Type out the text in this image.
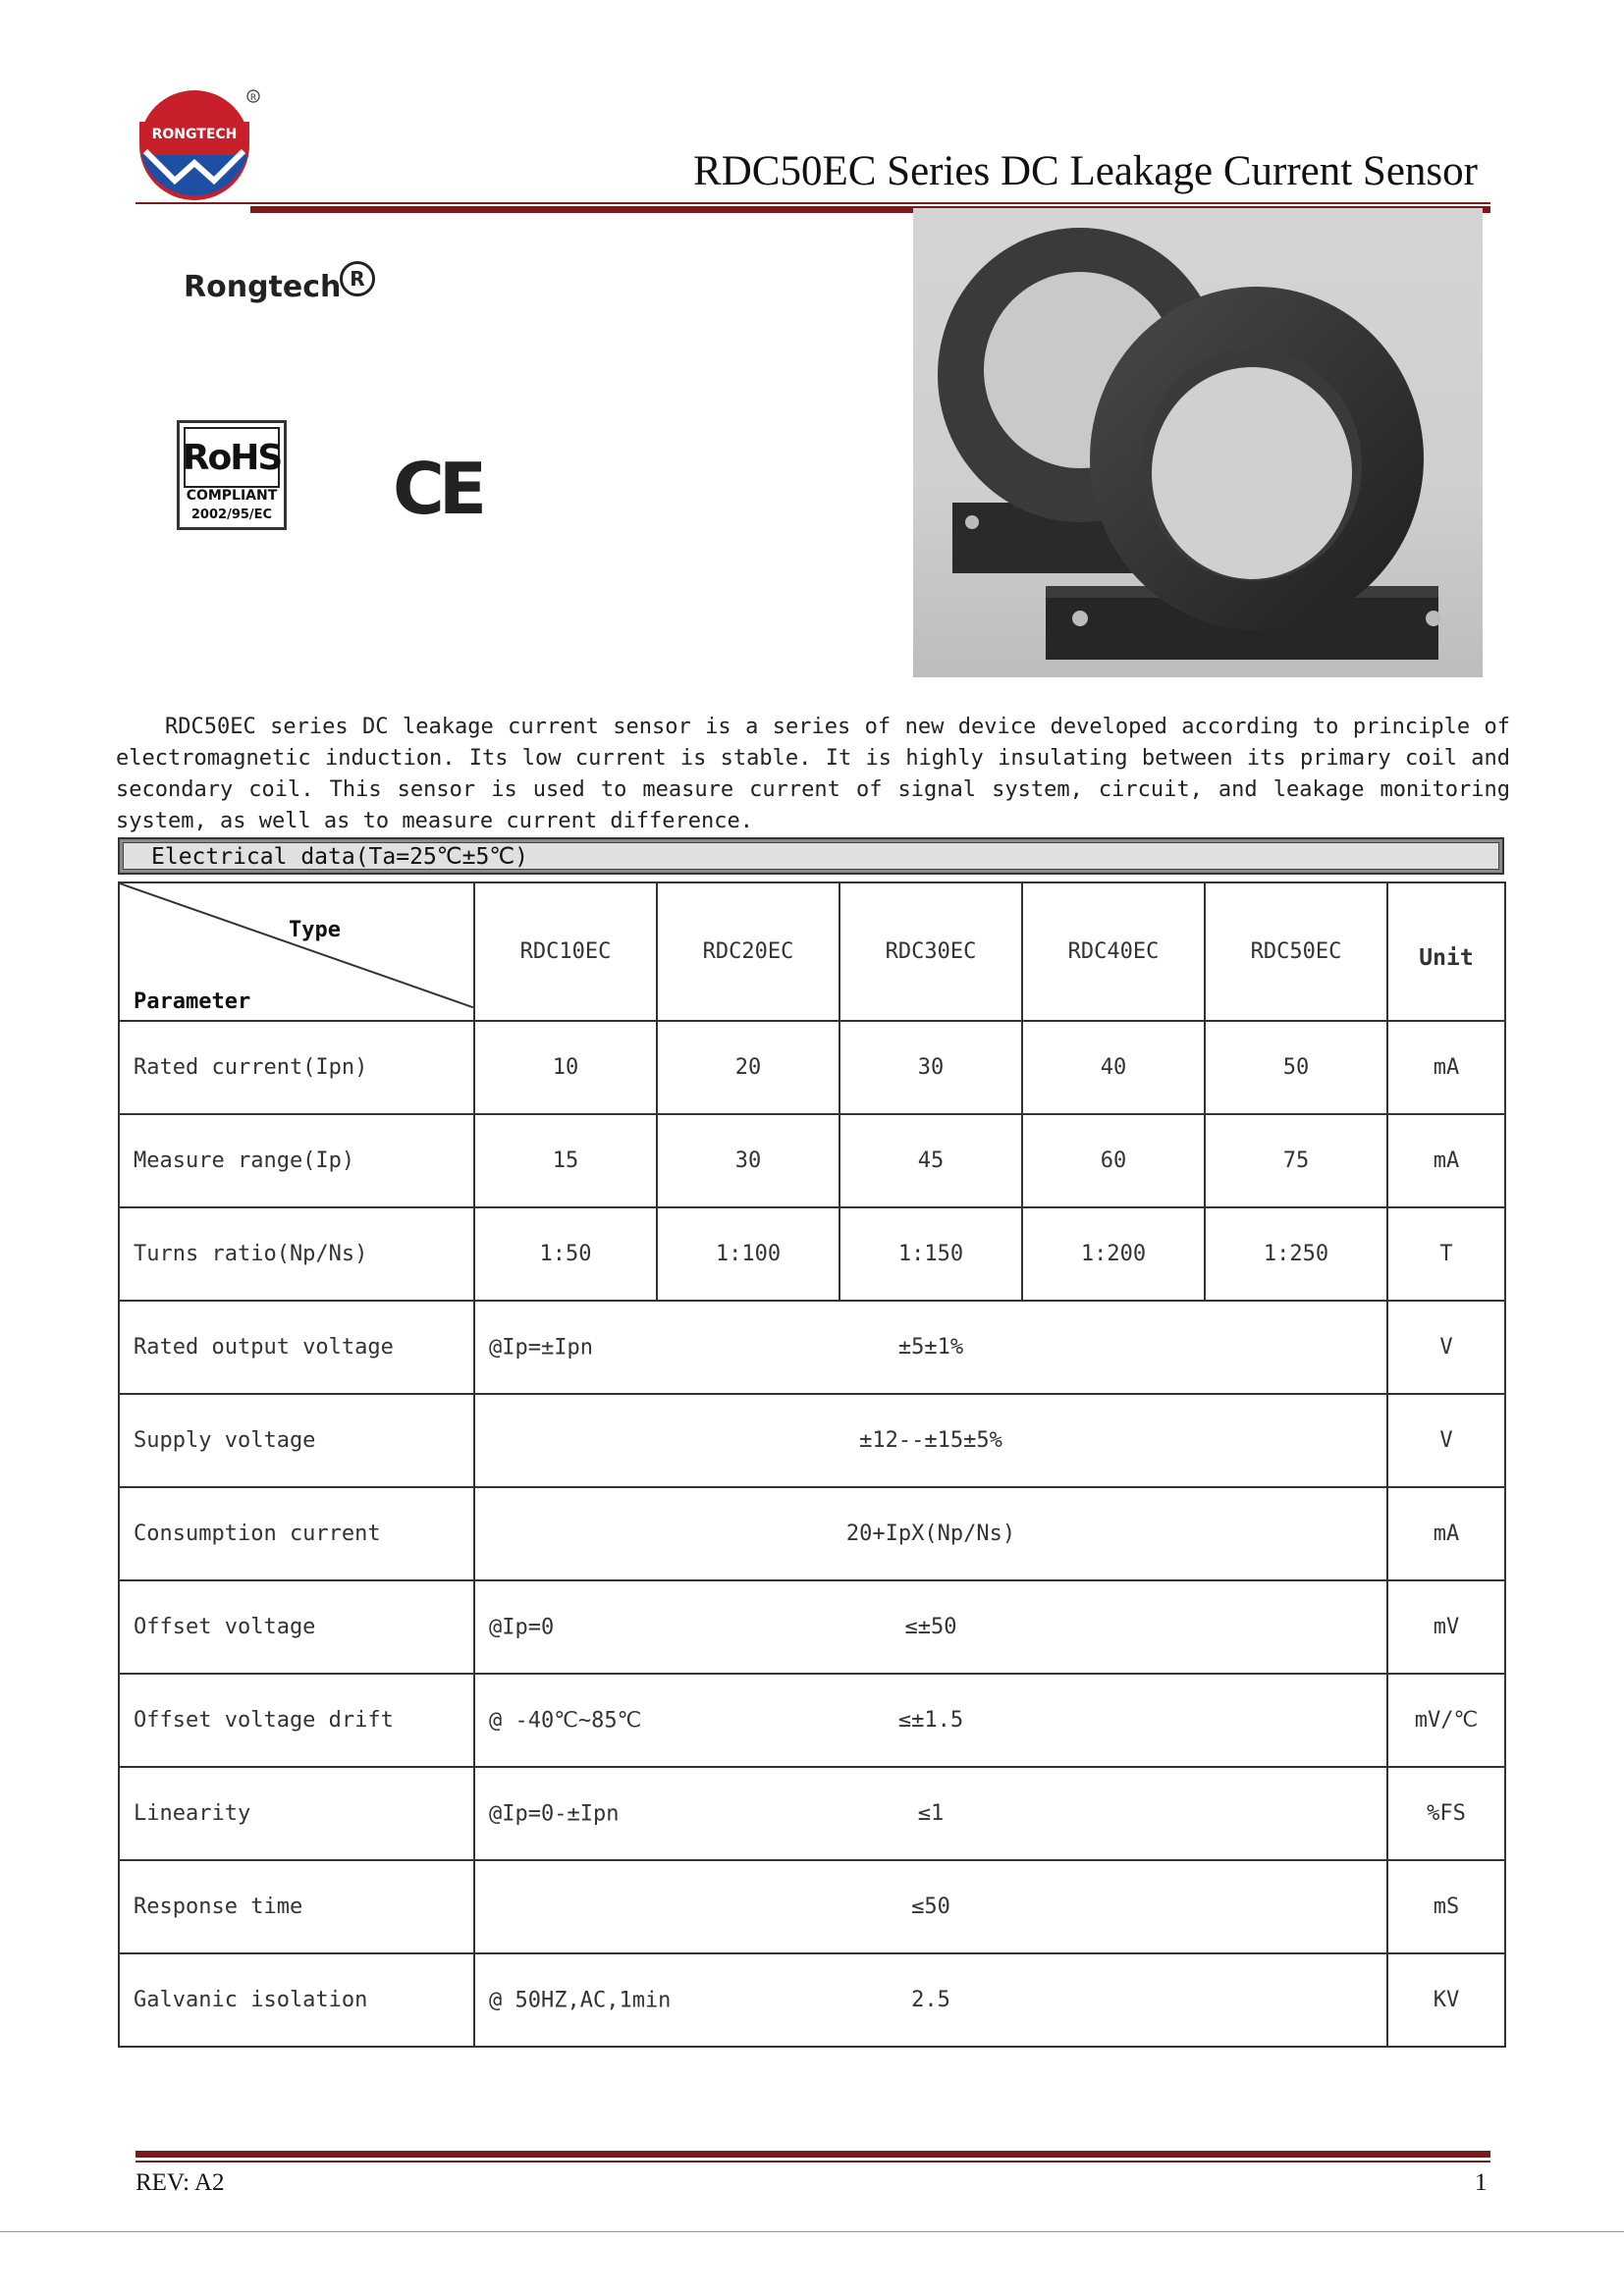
RONGTECH
R
RDC50EC Series DC Leakage Current Sensor
Rongtech R
RoHS
COMPLIANT
2002/95/EC CE
RDC50EC series DC leakage current sensor is a series of new device developed according to principle of electromagnetic induction. Its low current is stable. It is highly insulating between its primary coil and secondary coil. This sensor is used to measure current of signal system, circuit, and leakage monitoring system, as well as to measure current difference.
Electrical data(Ta=25℃±5℃)
Type
Parameter	RDC10EC	RDC20EC	RDC30EC	RDC40EC	RDC50EC	Unit
Rated current(Ipn)	10	20	30	40	50	mA
Measure range(Ip)	15	30	45	60	75	mA
Turns ratio(Np/Ns)	1:50	1:100	1:150	1:200	1:250	T
Rated output voltage	@Ip=±Ipn ±5±1%					V
Supply voltage	±12--±15±5%					V
Consumption current	20+IpX(Np/Ns)					mA
Offset voltage	@Ip=0 ≤±50					mV
Offset voltage drift	@ -40℃~85℃ ≤±1.5					mV/℃
Linearity	@Ip=0-±Ipn ≤1					%FS
Response time	≤50					mS
Galvanic isolation	@ 50HZ,AC,1min 2.5					KV
REV: A2	1
